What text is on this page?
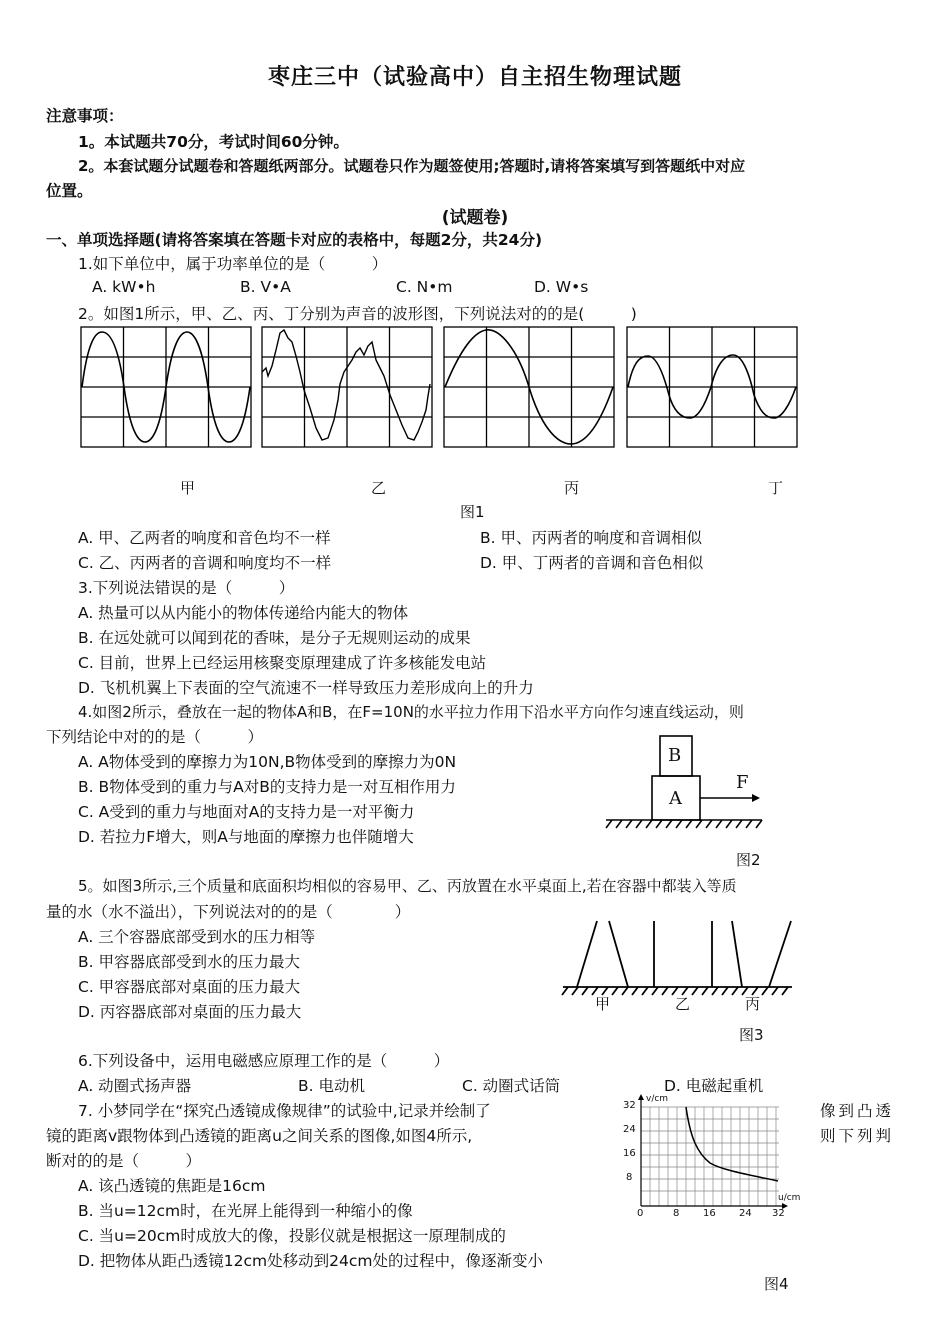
枣庄三中（试验高中）自主招生物理试题
注意事项：
1。本试题共70分，考试时间60分钟。
2。本套试题分试题卷和答题纸两部分。试题卷只作为题签使用;答题时,请将答案填写到答题纸中对应
位置。
(试题卷)
一、单项选择题(请将答案填在答题卡对应的表格中，每题2分，共24分)
1.如下单位中，属于功率单位的是（　　　）
A. kW•h	B. V•A	C. N•m	D. W•s
2。如图1所示，甲、乙、丙、丁分别为声音的波形图，下列说法对的的是(　　　)
甲	乙	丙	丁
图1
A. 甲、乙两者的响度和音色均不一样	B. 甲、丙两者的响度和音调相似
C. 乙、丙两者的音调和响度均不一样	D. 甲、丁两者的音调和音色相似
3.下列说法错误的是（　　　）
A. 热量可以从内能小的物体传递给内能大的物体
B. 在远处就可以闻到花的香味，是分子无规则运动的成果
C. 目前，世界上已经运用核聚变原理建成了许多核能发电站
D. 飞机机翼上下表面的空气流速不一样导致压力差形成向上的升力
4.如图2所示，叠放在一起的物体A和B，在F=10N的水平拉力作用下沿水平方向作匀速直线运动，则
下列结论中对的的是（　　　）
A. A物体受到的摩擦力为10N,B物体受到的摩擦力为0N
B. B物体受到的重力与A对B的支持力是一对互相作用力
C. A受到的重力与地面对A的支持力是一对平衡力
D. 若拉力F增大，则A与地面的摩擦力也伴随增大
A
B
F
图2
5。如图3所示,三个质量和底面积均相似的容易甲、乙、丙放置在水平桌面上,若在容器中都装入等质
量的水（水不溢出），下列说法对的的是（　　　　）
A. 三个容器底部受到水的压力相等
B. 甲容器底部受到水的压力最大
C. 甲容器底部对桌面的压力最大
D. 丙容器底部对桌面的压力最大	甲	乙	丙
图3
6.下列设备中，运用电磁感应原理工作的是（　　　）
A. 动圈式扬声器	B. 电动机	C. 动圈式话筒	D. 电磁起重机
7. 小梦同学在“探究凸透镜成像规律”的试验中,记录并绘制了	像到凸透
镜的距离v跟物体到凸透镜的距离u之间关系的图像,如图4所示,	则下列判
断对的的是（　　　）
A. 该凸透镜的焦距是16cm
B. 当u=12cm时，在光屏上能得到一种缩小的像
C. 当u=20cm时成放大的像，投影仪就是根据这一原理制成的
D. 把物体从距凸透镜12cm处移动到24cm处的过程中，像逐渐变小
v/cm
u/cm
32
24
16
8
0	8 16 24 32
图4
